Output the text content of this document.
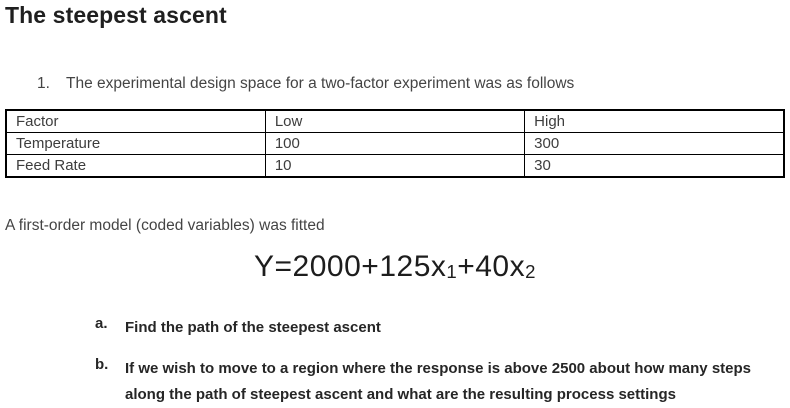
The steepest ascent
1. The experimental design space for a two-factor experiment was as follows
Factor	Low	High
Temperature	100	300
Feed Rate	10	30
A first-order model (coded variables) was fitted
$Y=2000+125x_1+40x_2$
a. Find the path of the steepest ascent
b. If we wish to move to a region where the response is above 2500 about how many steps
along the path of steepest ascent and what are the resulting process settings
